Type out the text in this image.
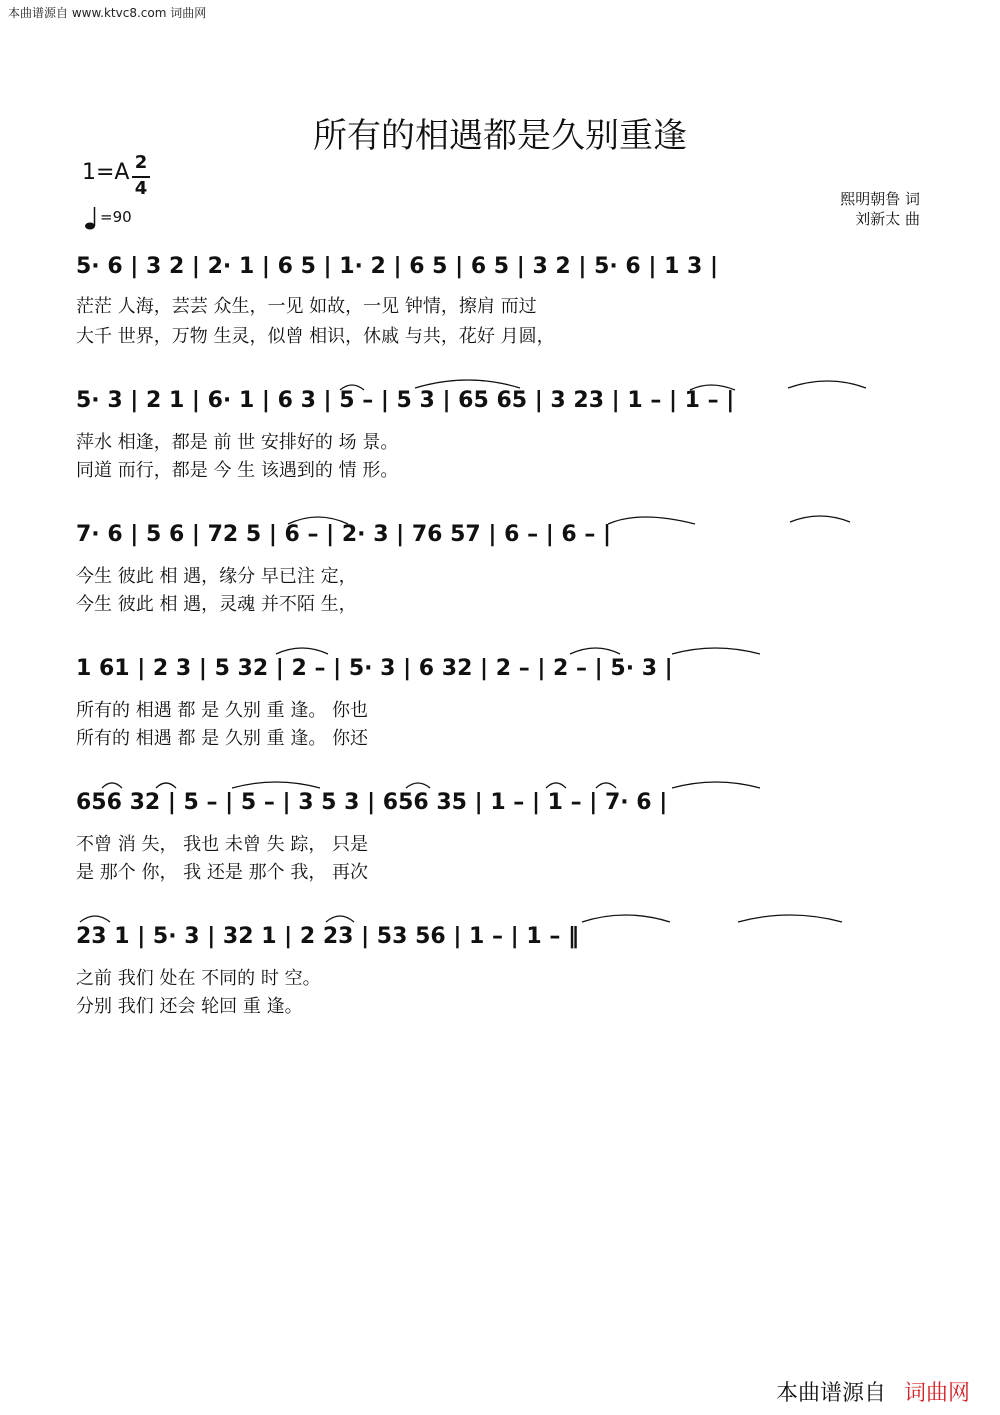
本曲谱源自 www.ktvc8.com 词曲网
所有的相遇都是久别重逢
1=A 2
4
=90
熙明朝鲁 词
刘新太 曲
茫茫 人海，芸芸 众生，一见 如故，一见 钟情，擦肩 而过
大千 世界，万物 生灵，似曾 相识，休戚 与共，花好 月圆，
5· 6 | 3 2 | 2· 1 | 6 5 | 1· 2 | 6 5 | 6 5 | 3 2 | 5· 6 | 1 3 |
5· 3 | 2 1 | 6· 1 | 6 3 | 5 – | 5 3 | 65 65 | 3 23 | 1 – | 1 – |
萍水 相逢，都是 前 世 安排好的 场 景。
同道 而行，都是 今 生 该遇到的 情 形。
7· 6 | 5 6 | 72 5 | 6 – | 2· 3 | 76 57 | 6 – | 6 – |
今生 彼此 相 遇，缘分 早已注 定，
今生 彼此 相 遇，灵魂 并不陌 生，
1 61 | 2 3 | 5 32 | 2 – | 5· 3 | 6 32 | 2 – | 2 – | 5· 3 |
所有的 相遇 都 是 久别 重 逢。 你也
所有的 相遇 都 是 久别 重 逢。 你还
656 32 | 5 – | 5 – | 3 5 3 | 656 35 | 1 – | 1 – | 7· 6 |
不曾 消 失， 我也 未曾 失 踪， 只是
是 那个 你， 我 还是 那个 我， 再次
23 1 | 5· 3 | 32 1 | 2 23 | 53 56 | 1 – | 1 – ‖
之前 我们 处在 不同的 时 空。
分别 我们 还会 轮回 重 逢。
本曲谱源自 词曲网
